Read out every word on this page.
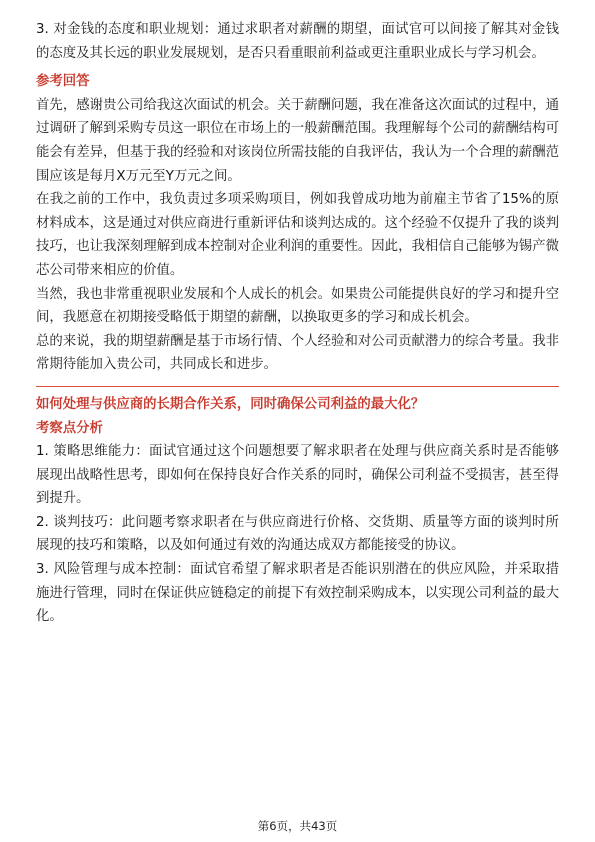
3. 对金钱的态度和职业规划：通过求职者对薪酬的期望，面试官可以间接了解其对金钱的态度及其长远的职业发展规划，是否只看重眼前利益或更注重职业成长与学习机会。

参考回答

首先，感谢贵公司给我这次面试的机会。关于薪酬问题，我在准备这次面试的过程中，通过调研了解到采购专员这一职位在市场上的一般薪酬范围。我理解每个公司的薪酬结构可能会有差异，但基于我的经验和对该岗位所需技能的自我评估，我认为一个合理的薪酬范围应该是每月X万元至Y万元之间。

在我之前的工作中，我负责过多项采购项目，例如我曾成功地为前雇主节省了15%的原材料成本，这是通过对供应商进行重新评估和谈判达成的。这个经验不仅提升了我的谈判技巧，也让我深刻理解到成本控制对企业利润的重要性。因此，我相信自己能够为锡产微芯公司带来相应的价值。

当然，我也非常重视职业发展和个人成长的机会。如果贵公司能提供良好的学习和提升空间，我愿意在初期接受略低于期望的薪酬，以换取更多的学习和成长机会。

总的来说，我的期望薪酬是基于市场行情、个人经验和对公司贡献潜力的综合考量。我非常期待能加入贵公司，共同成长和进步。

如何处理与供应商的长期合作关系，同时确保公司利益的最大化？

考察点分析

1. 策略思维能力：面试官通过这个问题想要了解求职者在处理与供应商关系时是否能够展现出战略性思考，即如何在保持良好合作关系的同时，确保公司利益不受损害，甚至得到提升。

2. 谈判技巧：此问题考察求职者在与供应商进行价格、交货期、质量等方面的谈判时所展现的技巧和策略，以及如何通过有效的沟通达成双方都能接受的协议。

3. 风险管理与成本控制：面试官希望了解求职者是否能识别潜在的供应风险，并采取措施进行管理，同时在保证供应链稳定的前提下有效控制采购成本，以实现公司利益的最大化。

第6页，共43页
